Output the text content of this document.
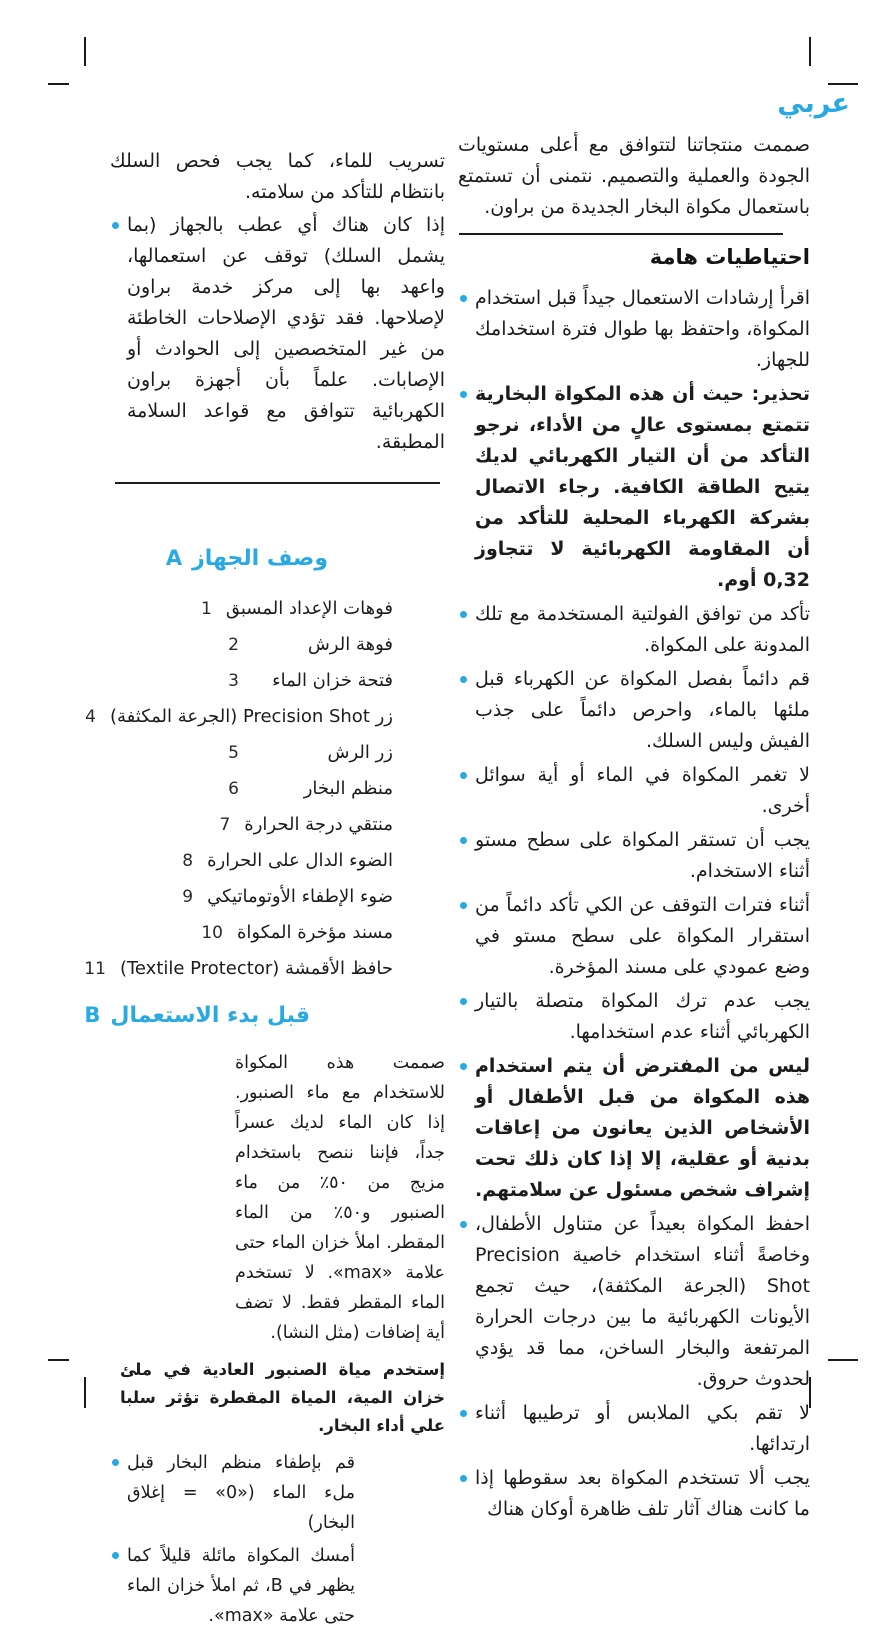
عربي

صممت منتجاتنا لتتوافق مع أعلى مستويات الجودة والعملية والتصميم. نتمنى أن تستمتع باستعمال مكواة البخار الجديدة من براون.

احتياطيات هامة
اقرأ إرشادات الاستعمال جيداً قبل استخدام المكواة، واحتفظ بها طوال فترة استخدامك للجهاز.
تحذير: حيث أن هذه المكواة البخارية تتمتع بمستوى عالٍ من الأداء، نرجو التأكد من أن التيار الكهربائي لديك يتيح الطاقة الكافية. رجاء الاتصال بشركة الكهرباء المحلية للتأكد من أن المقاومة الكهربائية لا تتجاوز 0,32 أوم.
تأكد من توافق الفولتية المستخدمة مع تلك المدونة على المكواة.
قم دائماً بفصل المكواة عن الكهرباء قبل ملئها بالماء، واحرص دائماً على جذب الفيش وليس السلك.
لا تغمر المكواة في الماء أو أية سوائل أخرى.
يجب أن تستقر المكواة على سطح مستو أثناء الاستخدام.
أثناء فترات التوقف عن الكي تأكد دائماً من استقرار المكواة على سطح مستو في وضع عمودي على مسند المؤخرة.
يجب عدم ترك المكواة متصلة بالتيار الكهربائي أثناء عدم استخدامها.
ليس من المفترض أن يتم استخدام هذه المكواة من قبل الأطفال أو الأشخاص الذين يعانون من إعاقات بدنية أو عقلية، إلا إذا كان ذلك تحت إشراف شخص مسئول عن سلامتهم.
احفظ المكواة بعيداً عن متناول الأطفال، وخاصةً أثناء استخدام خاصية Precision Shot (الجرعة المكثفة)، حيث تجمع الأيونات الكهربائية ما بين درجات الحرارة المرتفعة والبخار الساخن، مما قد يؤدي لحدوث حروق.
لا تقم بكي الملابس أو ترطيبها أثناء ارتدائها.
يجب ألا تستخدم المكواة بعد سقوطها إذا ما كانت هناك آثار تلف ظاهرة أوكان هناك

تسريب للماء، كما يجب فحص السلك بانتظام للتأكد من سلامته.

إذا كان هناك أي عطب بالجهاز (بما يشمل السلك) توقف عن استعمالها، واعهد بها إلى مركز خدمة براون لإصلاحها. فقد تؤدي الإصلاحات الخاطئة من غير المتخصصين إلى الحوادث أو الإصابات. علماً بأن أجهزة براون الكهربائية تتوافق مع قواعد السلامة المطبقة.
وصف الجهاز
A
فوهات الإعداد المسبق1
فوهة الرش2
فتحة خزان الماء3
زر Precision Shot (الجرعة المكثفة)4
زر الرش5
منظم البخار6
منتقي درجة الحرارة7
الضوء الدال على الحرارة8
ضوء الإطفاء الأوتوماتيكي9
مسند مؤخرة المكواة10
حافظ الأقمشة (Textile Protector)11
قبل بدء الاستعمال
B

صممت هذه المكواة للاستخدام مع ماء الصنبور. إذا كان الماء لديك عسراً جداً، فإننا ننصح باستخدام مزيج من ٥٠٪ من ماء الصنبور و٥٠٪ من الماء المقطر. املأ خزان الماء حتى علامة «max». لا تستخدم الماء المقطر فقط. لا تضف أية إضافات (مثل النشا).

إستخدم مياة الصنبور العادية في ملئ خزان المية، المياة المقطرة تؤثر سلبا علي أداء البخار.

قم بإطفاء منظم البخار قبل ملء الماء («0» = إغلاق البخار)
أمسك المكواة مائلة قليلاً كما يظهر في B، ثم املأ خزان الماء حتى علامة «max».
